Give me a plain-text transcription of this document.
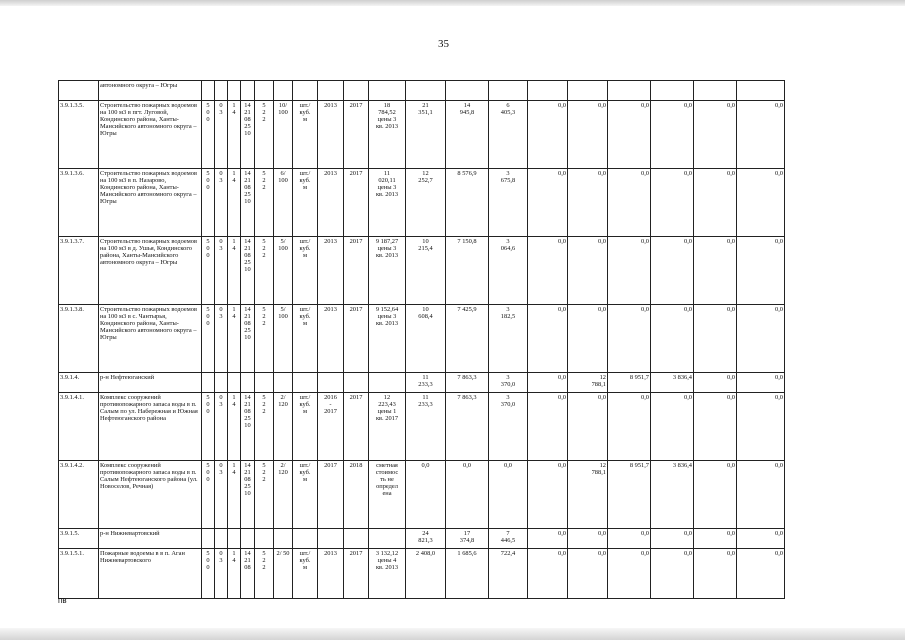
35

	автономного округа – Югры																			

3.9.1.3.5.	Строительство пожарных водоемов на 100 м3 в пгт. Луговой, Кондинского района, Ханты-Мансийского автономного округа – Югры	5
0
0	0
3	1
4	14
21
08
25
10	5
2
2	10/
100	шт./
куб.
м	2013	2017	18
784,52
цены 3
кв. 2013	21
351,1	14
945,8	6
405,3	0,0	0,0	0,0	0,0	0,0	0,0

3.9.1.3.6.	Строительство пожарных водоемов на 100 м3 в п. Назарово, Кондинского района, Ханты-Мансийского автономного округа – Югры	5
0
0	0
3	1
4	14
21
08
25
10	5
2
2	6/
100	шт./
куб.
м	2013	2017	11
020,11
цены 3
кв. 2013	12
252,7	8 576,9	3
675,8	0,0	0,0	0,0	0,0	0,0	0,0

3.9.1.3.7.	Строительство пожарных водоемов на 100 м3 в д. Ушья, Кондинского района, Ханты-Мансийского автономного округа – Югры	5
0
0	0
3	1
4	14
21
08
25
10	5
2
2	5/
100	шт./
куб.
м	2013	2017	9 187,27
цены 3
кв. 2013	10
215,4	7 150,8	3
064,6	0,0	0,0	0,0	0,0	0,0	0,0

3.9.1.3.8.	Строительство пожарных водоемов на 100 м3 в с. Чантырья, Кондинского района, Ханты-Мансийского автономного округа – Югры	5
0
0	0
3	1
4	14
21
08
25
10	5
2
2	5/
100	шт./
куб.
м	2013	2017	9 152,64
цены 3
кв. 2013	10
608,4	7 425,9	3
182,5	0,0	0,0	0,0	0,0	0,0	0,0

3.9.1.4.	р-н Нефтеюганский											11
233,3	7 863,3	3
370,0	0,0	12
788,1	8 951,7	3 836,4	0,0	0,0

3.9.1.4.1.	Комплекс сооружений противопожарного запаса воды в п. Салым по ул. Набережная и Южная Нефтеюганского района	5
0
0	0
3	1
4	14
21
08
25
10	5
2
2	2/
120	шт./
куб.
м	2016
-
2017	2017	12
223,43
цены 1
кв. 2017	11
233,3	7 863,3	3
370,0	0,0	0,0	0,0	0,0	0,0	0,0

3.9.1.4.2.	Комплекс сооружений противопожарного запаса воды в п. Салым Нефтеюганского района (ул. Новоселов, Речная)	5
0
0	0
3	1
4	14
21
08
25
10	5
2
2	2/
120	шт./
куб.
м	2017	2018	сметная
стоимос
ть не
определ
ена	0,0	0,0	0,0	0,0	12
788,1	8 951,7	3 836,4	0,0	0,0

3.9.1.5.	р-н Нижневартовский											24
821,3	17
374,8	7
446,5	0,0	0,0	0,0	0,0	0,0	0,0

3.9.1.5.1.	Пожарные водоемы в в п. Аган Нижневартовского	5
0
0	0
3	1
4	14
21
08	5
2
2	2/ 50	шт./
куб.
м	2013	2017	3 132,12
цены 4
кв. 2013	2 408,0	1 685,6	722,4	0,0	0,0	0,0	0,0	0,0	0,0
пв
